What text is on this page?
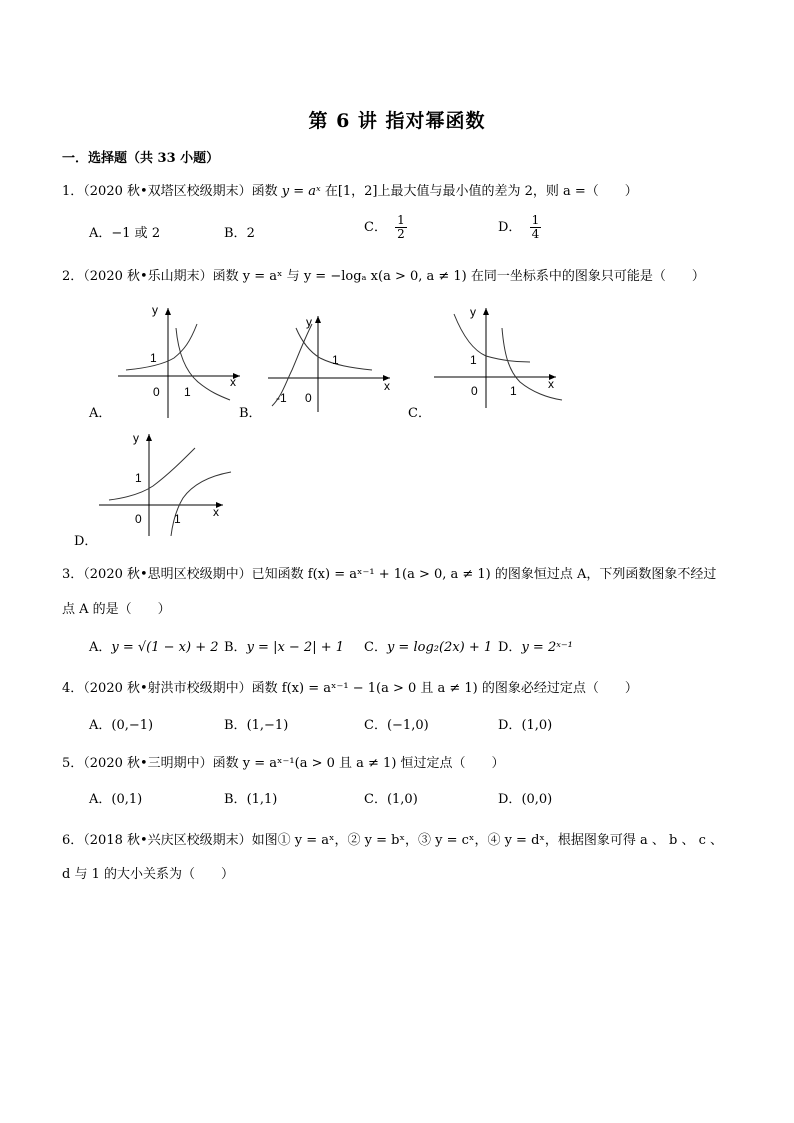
第 6 讲 指对幂函数
一．选择题（共 33 小题）
1．（2020 秋•双塔区校级期末）函数 y = aˣ 在[1，2]上最大值与最小值的差为 2，则 a =（　　）
A．−1 或 2	B．2	C． $\frac{1}{2}$	D． $\frac{1}{4}$
2．（2020 秋•乐山期末）函数 y = aˣ 与 y = −logₐ x(a > 0, a ≠ 1) 在同一坐标系中的图象只可能是（　　）
A．
y
x
1
0 1
B．
y
x
1
-1 0
C．
y
x
1
0	1
D．
y
x
1
0	1
3．（2020 秋•思明区校级期中）已知函数 f(x) = aˣ⁻¹ + 1(a > 0, a ≠ 1) 的图象恒过点 A，下列函数图象不经过
点 A 的是（　　）
A．y = √(1 − x) + 2 B．y = |x − 2| + 1 C．y = log₂(2x) + 1 D．y = 2ˣ⁻¹
4．（2020 秋•射洪市校级期中）函数 f(x) = aˣ⁻¹ − 1(a > 0 且 a ≠ 1) 的图象必经过定点（　　）
A．(0,−1)	B．(1,−1)	C．(−1,0)	D．(1,0)
5．（2020 秋•三明期中）函数 y = aˣ⁻¹(a > 0 且 a ≠ 1) 恒过定点（　　）
A．(0,1)	B．(1,1)	C．(1,0)	D．(0,0)
6．（2018 秋•兴庆区校级期末）如图① y = aˣ，② y = bˣ，③ y = cˣ，④ y = dˣ，根据图象可得 a 、 b 、 c 、
d 与 1 的大小关系为（　　）
